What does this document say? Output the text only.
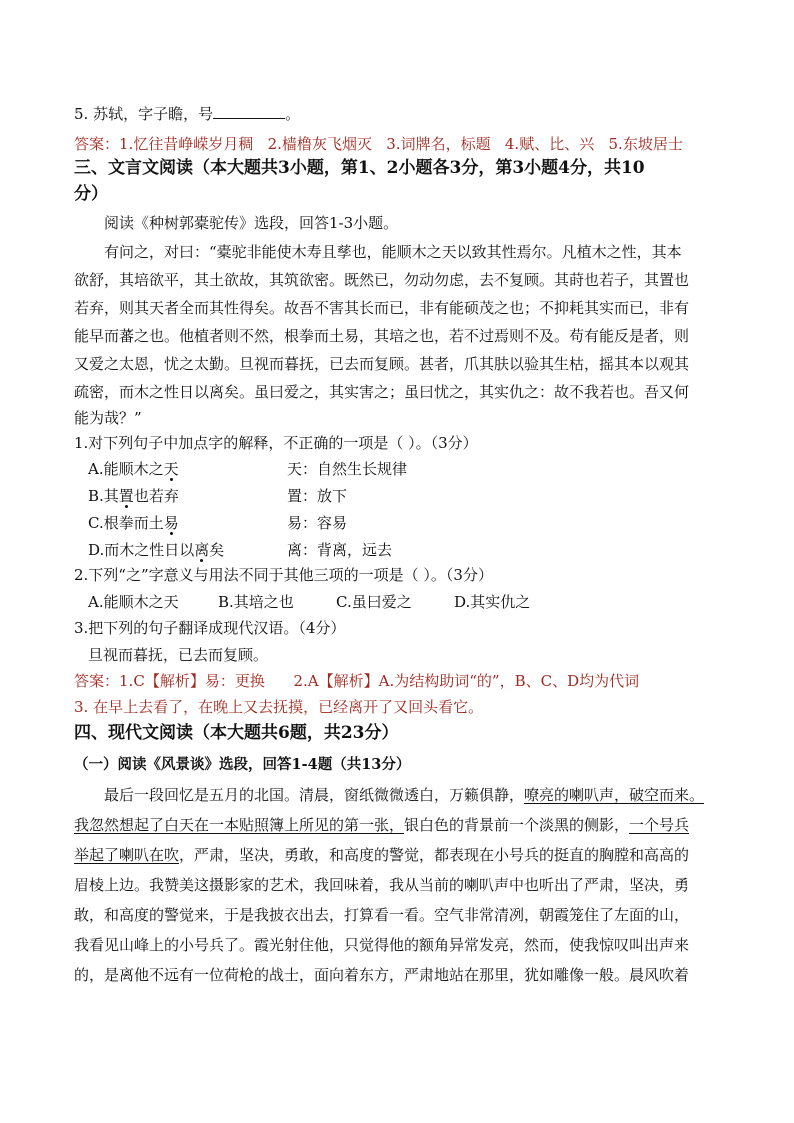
5. 苏轼，字子瞻，号	。
答案：1.忆往昔峥嵘岁月稠 2.樯橹灰飞烟灭 3.词牌名，标题 4.赋、比、兴 5.东坡居士
三、文言文阅读（本大题共3小题，第1、2小题各3分，第3小题4分，共10
分）
阅读《种树郭橐驼传》选段，回答1-3小题。
有问之，对曰：“橐驼非能使木寿且孳也，能顺木之天以致其性焉尔。凡植木之性，其本
欲舒，其培欲平，其土欲故，其筑欲密。既然已，勿动勿虑，去不复顾。其莳也若子，其置也
若弃，则其天者全而其性得矣。故吾不害其长而已，非有能硕茂之也；不抑耗其实而已，非有
能早而蕃之也。他植者则不然，根拳而土易，其培之也，若不过焉则不及。苟有能反是者，则
又爱之太恩，忧之太勤。旦视而暮抚，已去而复顾。甚者，爪其肤以验其生枯，摇其本以观其
疏密，而木之性日以离矣。虽曰爱之，其实害之；虽曰忧之，其实仇之：故不我若也。吾又何
能为哉？”
1.对下列句子中加点字的解释，不正确的一项是（ ）。（3分）
A.能顺木之天	天：自然生长规律
B.其置也若弃	置：放下
C.根拳而土易	易：容易
D.而木之性日以离矣	离：背离，远去
2.下列“之”字意义与用法不同于其他三项的一项是（ ）。（3分）
A.能顺木之天	B.其培之也	C.虽曰爱之	D.其实仇之
3.把下列的句子翻译成现代汉语。（4分）
旦视而暮抚，已去而复顾。
答案：1.C【解析】易：更换 2.A【解析】A.为结构助词“的”，B、C、D均为代词
3. 在早上去看了，在晚上又去抚摸，已经离开了又回头看它。
四、现代文阅读（本大题共6题，共23分）
（一）阅读《风景谈》选段，回答1-4题（共13分）
最后一段回忆是五月的北国。清晨，窗纸微微透白，万籁俱静，嘹亮的喇叭声，破空而来。
我忽然想起了白天在一本贴照簿上所见的第一张，银白色的背景前一个淡黑的侧影，一个号兵
举起了喇叭在吹，严肃，坚决，勇敢，和高度的警觉，都表现在小号兵的挺直的胸膛和高高的
眉棱上边。我赞美这摄影家的艺术，我回味着，我从当前的喇叭声中也听出了严肃，坚决，勇
敢，和高度的警觉来，于是我披衣出去，打算看一看。空气非常清冽，朝霞笼住了左面的山，
我看见山峰上的小号兵了。霞光射住他，只觉得他的额角异常发亮，然而，使我惊叹叫出声来
的，是离他不远有一位荷枪的战士，面向着东方，严肃地站在那里，犹如雕像一般。晨风吹着
